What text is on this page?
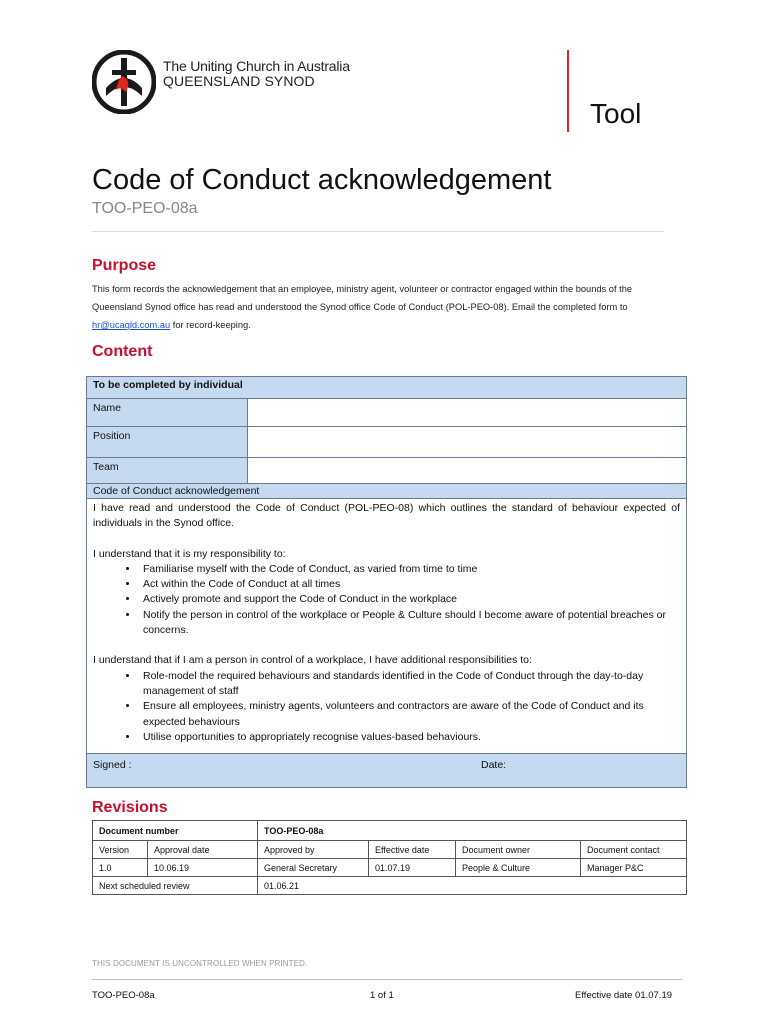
The Uniting Church in Australia
QUEENSLAND SYNOD
Tool
Code of Conduct acknowledgement
TOO-PEO-08a
Purpose
This form records the acknowledgement that an employee, ministry agent, volunteer or contractor engaged within the bounds of the Queensland Synod office has read and understood the Synod office Code of Conduct (POL-PEO-08). Email the completed form to hr@ucaqld.com.au for record-keeping.
Content
To be completed by individual
Name
Position
Team
Code of Conduct acknowledgement

I have read and understood the Code of Conduct (POL-PEO-08) which outlines the standard of behaviour expected of individuals in the Synod office.

I understand that it is my responsibility to:

• Familiarise myself with the Code of Conduct, as varied from time to time
• Act within the Code of Conduct at all times
• Actively promote and support the Code of Conduct in the workplace
• Notify the person in control of the workplace or People & Culture should I become aware of potential breaches or concerns.

I understand that if I am a person in control of a workplace, I have additional responsibilities to:

• Role-model the required behaviours and standards identified in the Code of Conduct through the day-to-day management of staff
• Ensure all employees, ministry agents, volunteers and contractors are aware of the Code of Conduct and its expected behaviours
• Utilise opportunities to appropriately recognise values-based behaviours.
Signed :	Date:
Revisions
Document number		TOO-PEO-08a			
Version	Approval date	Approved by	Effective date	Document owner	Document contact
1.0	10.06.19	General Secretary	01.07.19	People & Culture	Manager P&C
Next scheduled review		01.06.21			
THIS DOCUMENT IS UNCONTROLLED WHEN PRINTED.
TOO-PEO-08a	1 of 1	Effective date 01.07.19
